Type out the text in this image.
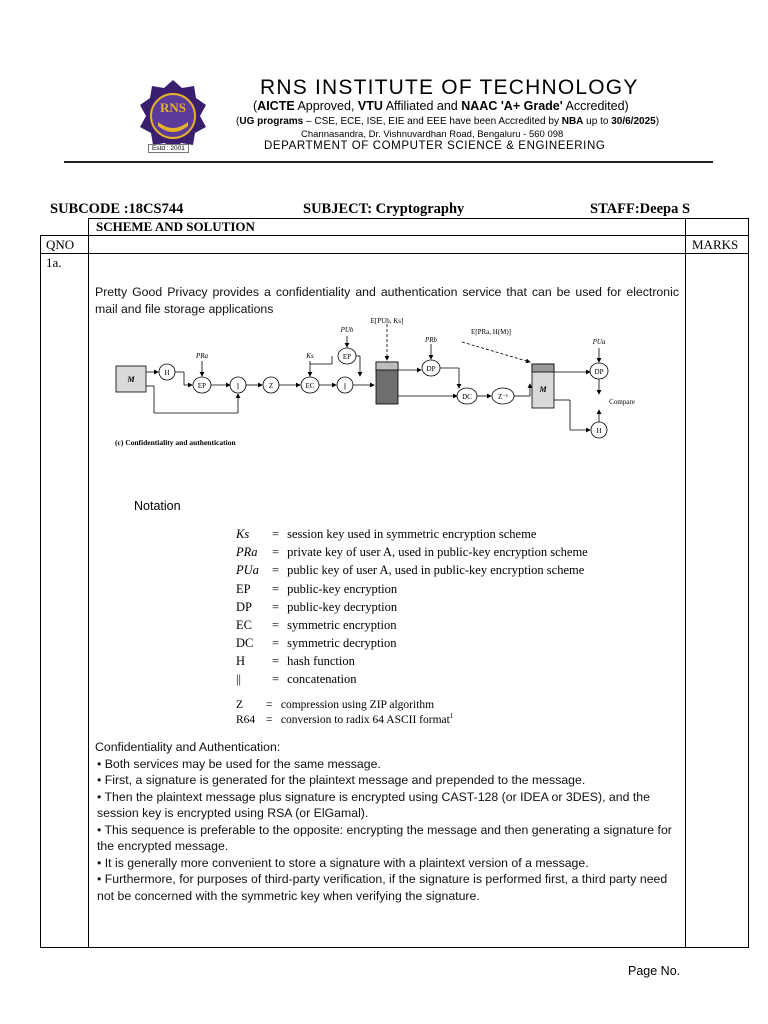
RNS
Estd : 2001
RNS INSTITUTE OF TECHNOLOGY
(AICTE Approved, VTU Affiliated and NAAC 'A+ Grade' Accredited)
(UG programs – CSE, ECE, ISE, EIE and EEE have been Accredited by NBA up to 30/6/2025)
Channasandra, Dr. Vishnuvardhan Road, Bengaluru - 560 098
DEPARTMENT OF COMPUTER SCIENCE & ENGINEERING
SUBCODE :18CS744	SUBJECT: Cryptography	STAFF:Deepa S
SCHEME AND SOLUTION
QNO	MARKS
1a.
Pretty Good Privacy provides a confidentiality and authentication service that can be used for electronic mail and file storage applications
M
H
EP
PRa
||	Z	EC
Ks
||
EP
PUb
E[PUb, Ks]
PRb
DP
DC	Z⁻¹
E[PRa, H(M)]
M
DP
PUa
Compare
H
(c) Confidentiality and authentication
Notation
Ks = session key used in symmetric encryption scheme
PRa = private key of user A, used in public-key encryption scheme
PUa = public key of user A, used in public-key encryption scheme
EP = public-key encryption
DP = public-key decryption
EC = symmetric encryption
DC = symmetric decryption
H = hash function
|| = concatenation
Z = compression using ZIP algorithm
R64 = conversion to radix 64 ASCII format$^1$
Confidentiality and Authentication:
• Both services may be used for the same message.
• First, a signature is generated for the plaintext message and prepended to the message.
• Then the plaintext message plus signature is encrypted using CAST-128 (or IDEA or 3DES), and the session key is encrypted using RSA (or ElGamal).
• This sequence is preferable to the opposite: encrypting the message and then generating a signature for the encrypted message.
• It is generally more convenient to store a signature with a plaintext version of a message.
• Furthermore, for purposes of third-party verification, if the signature is performed first, a third party need not be concerned with the symmetric key when verifying the signature.
Page No.
